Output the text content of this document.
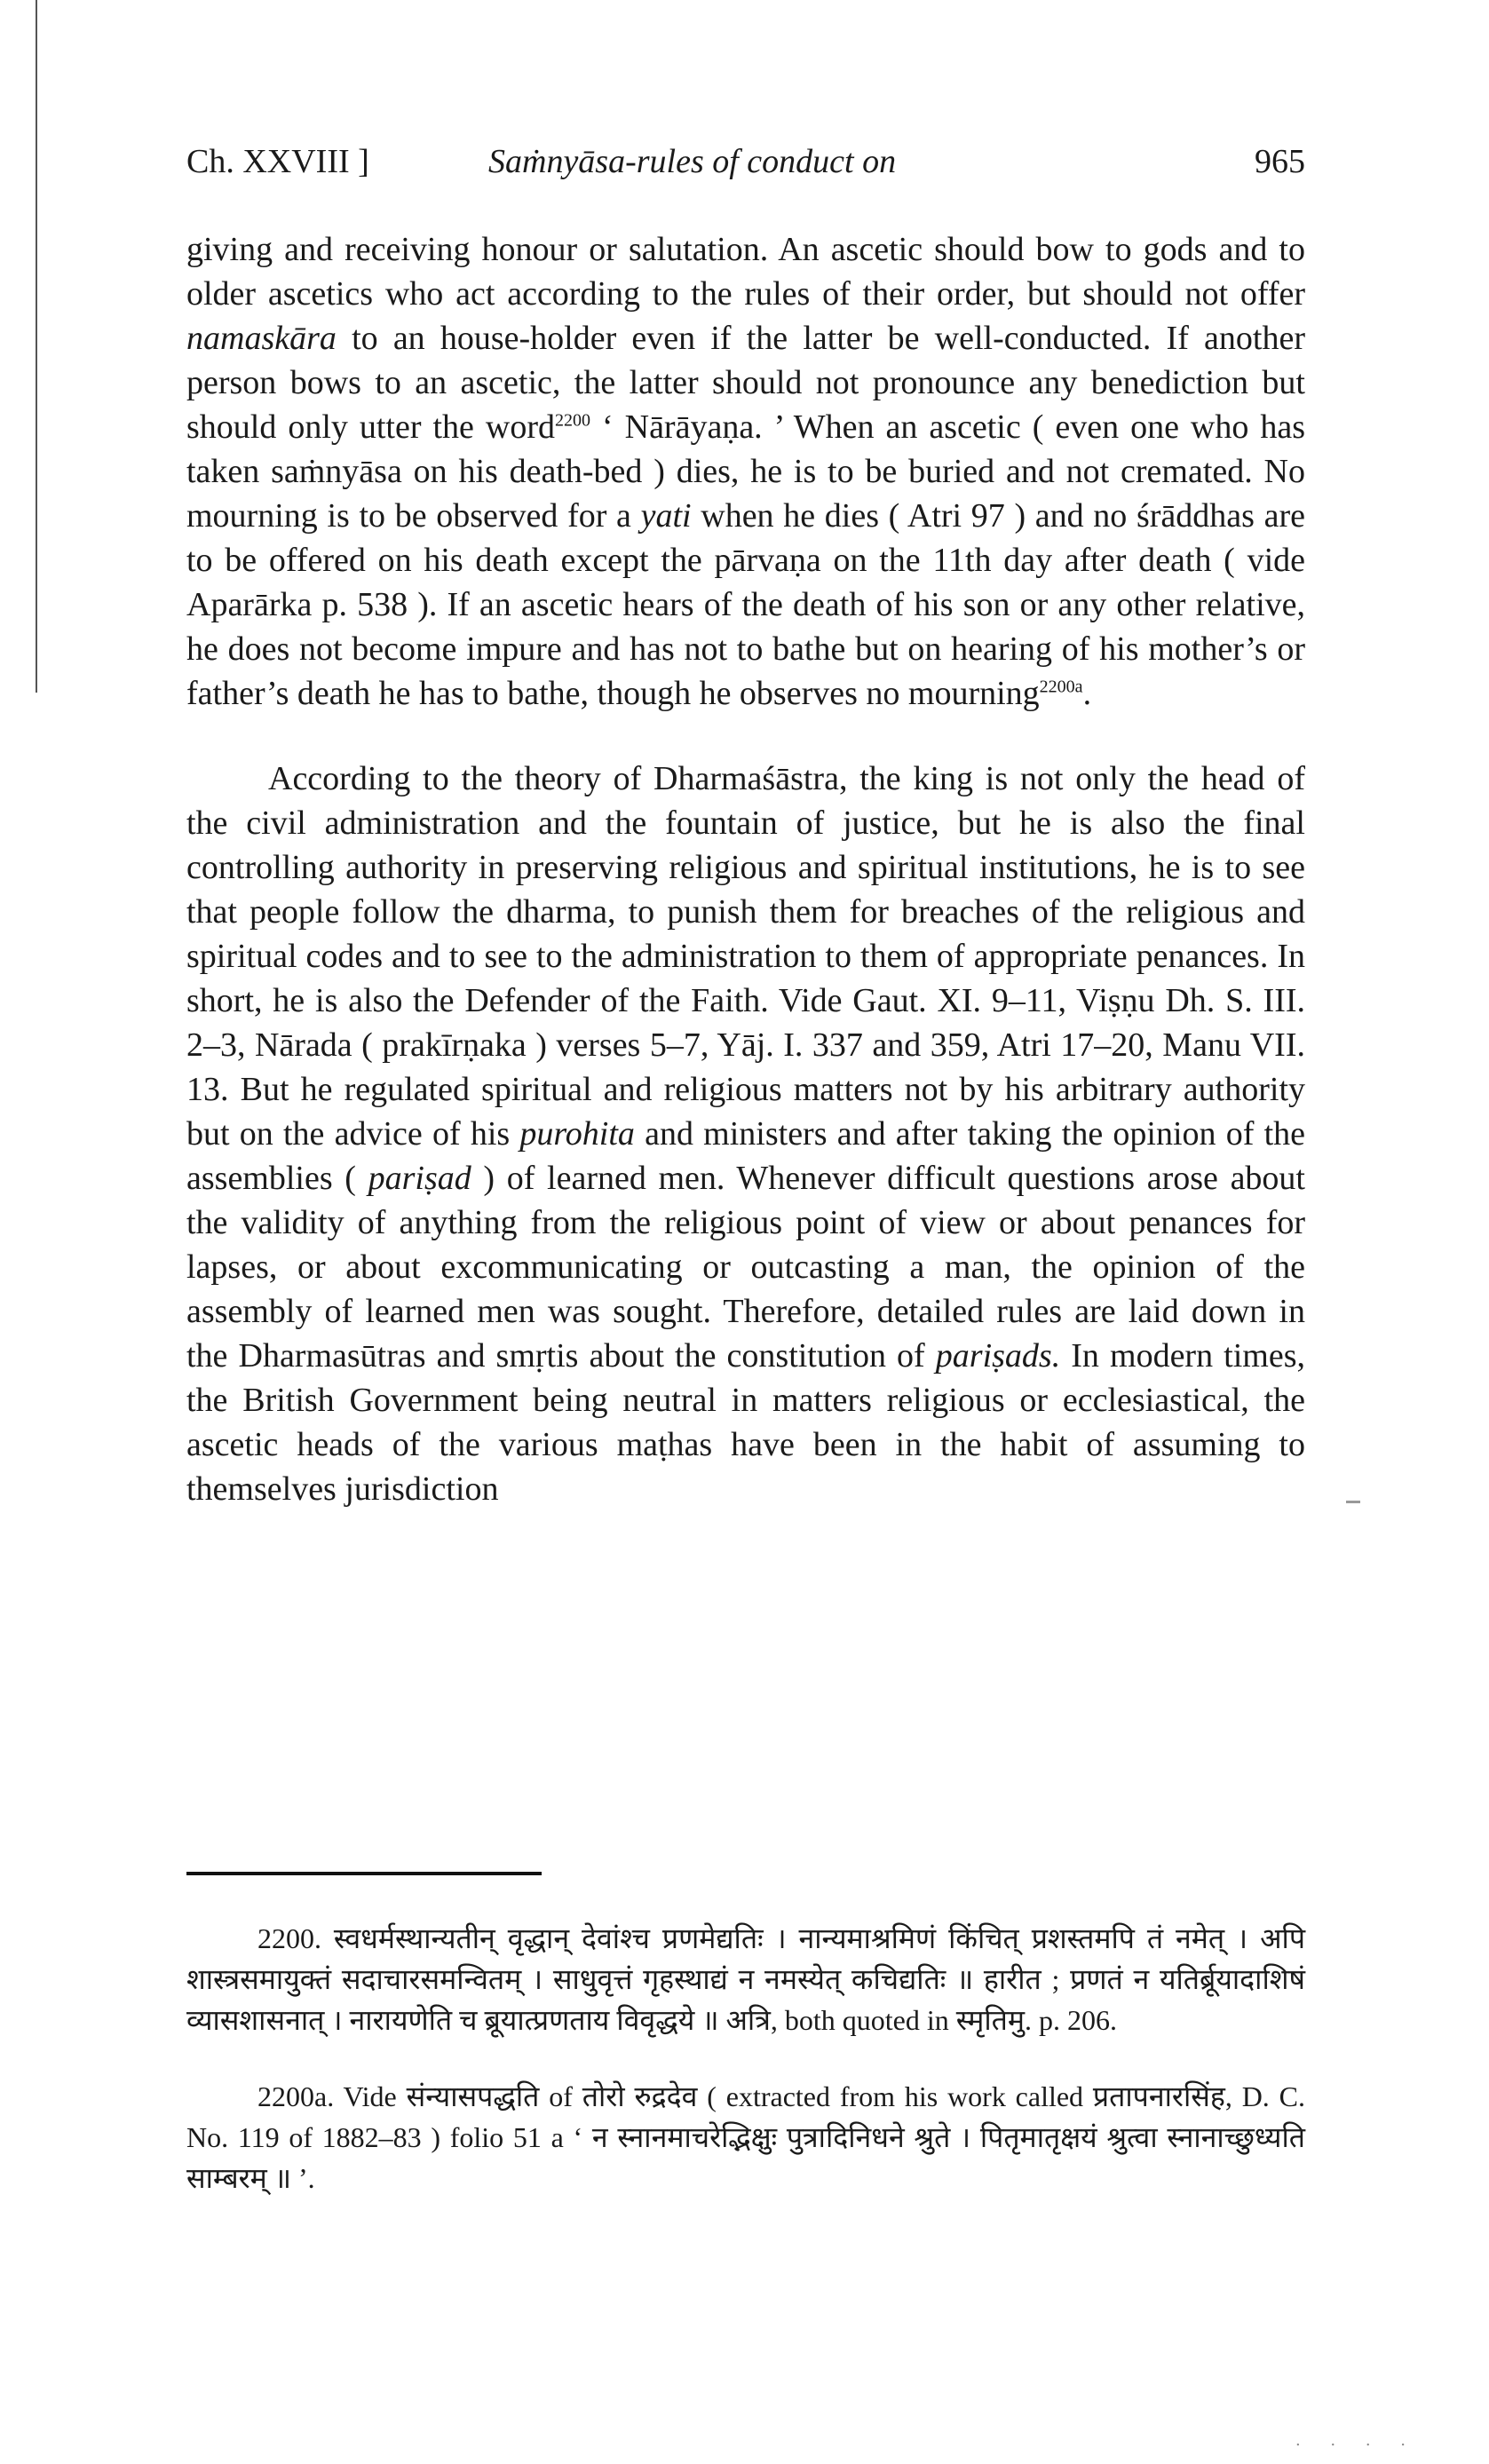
Ch. XXVIII ]	Saṁnyāsa-rules of conduct on	965

giving and receiving honour or salutation. An ascetic should bow to gods and to older ascetics who act according to the rules of their order, but should not offer namaskāra to an house-holder even if the latter be well-conducted. If another person bows to an ascetic, the latter should not pronounce any benediction but should only utter the word$^{2200}$ ‘ Nārāyaṇa. ’ When an ascetic ( even one who has taken saṁnyāsa on his death-bed ) dies, he is to be buried and not cremated. No mourning is to be observed for a yati when he dies ( Atri 97 ) and no śrāddhas are to be offered on his death except the pārvaṇa on the 11th day after death ( vide Aparārka p. 538 ). If an ascetic hears of the death of his son or any other relative, he does not become impure and has not to bathe but on hearing of his mother’s or father’s death he has to bathe, though he observes no mourning$^{2200a}$.

According to the theory of Dharmaśāstra, the king is not only the head of the civil administration and the fountain of justice, but he is also the final controlling authority in preserving religious and spiritual institutions, he is to see that people follow the dharma, to punish them for breaches of the religious and spiritual codes and to see to the administration to them of appropriate penances. In short, he is also the Defender of the Faith. Vide Gaut. XI. 9–11, Viṣṇu Dh. S. III. 2–3, Nārada ( prakīrṇaka ) verses 5–7, Yāj. I. 337 and 359, Atri 17–20, Manu VII. 13. But he regulated spiritual and religious matters not by his arbitrary authority but on the advice of his purohita and ministers and after taking the opinion of the assemblies ( pariṣad ) of learned men. Whenever difficult questions arose about the validity of anything from the religious point of view or about penances for lapses, or about excommunicating or outcasting a man, the opinion of the assembly of learned men was sought. Therefore, detailed rules are laid down in the Dharmasūtras and smṛtis about the constitution of pariṣads. In modern times, the British Government being neutral in matters religious or ecclesiastical, the ascetic heads of the various maṭhas have been in the habit of assuming to themselves jurisdiction

2200. स्वधर्मस्थान्यतीन् वृद्धान् देवांश्च प्रणमेद्यतिः । नान्यमाश्रमिणं किंचित् प्रशस्तमपि तं नमेत् । अपि शास्त्रसमायुक्तं सदाचारसमन्वितम् । साधुवृत्तं गृहस्थाद्यं न नमस्येत् कचिद्यतिः ॥ हारीत ; प्रणतं न यतिर्ब्रूयादाशिषं व्यासशासनात् । नारायणेति च ब्रूयात्प्रणताय विवृद्धये ॥ अत्रि, both quoted in स्मृतिमु. p. 206.

2200a. Vide संन्यासपद्धति of तोरो रुद्रदेव ( extracted from his work called प्रतापनारसिंह, D. C. No. 119 of 1882–83 ) folio 51 a ‘ न स्नानमाचरेद्भिक्षुः पुत्रादिनिधने श्रुते । पितृमातृक्षयं श्रुत्वा स्नानाच्छुध्यति साम्बरम् ॥ ’.

. . . .
